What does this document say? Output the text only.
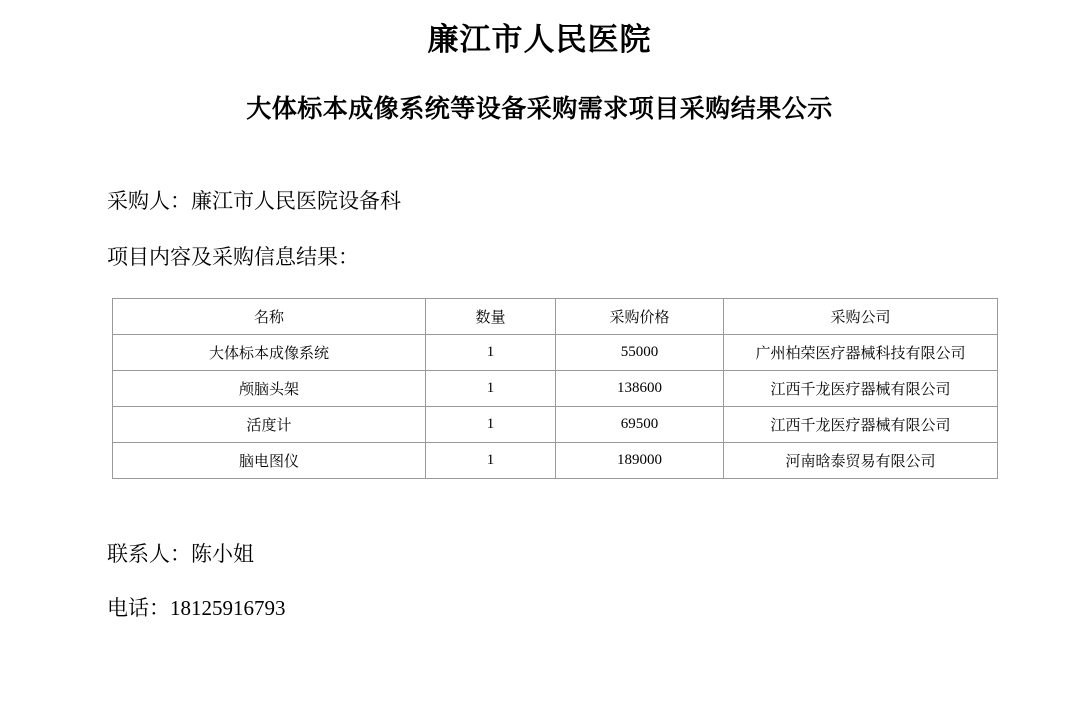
廉江市人民医院
大体标本成像系统等设备采购需求项目采购结果公示

采购人：廉江市人民医院设备科

项目内容及采购信息结果：

名称	数量	采购价格	采购公司
大体标本成像系统	1	55000	广州柏荣医疗器械科技有限公司
颅脑头架	1	138600	江西千龙医疗器械有限公司
活度计	1	69500	江西千龙医疗器械有限公司
脑电图仪	1	189000	河南晗泰贸易有限公司

联系人：陈小姐

电话：18125916793
